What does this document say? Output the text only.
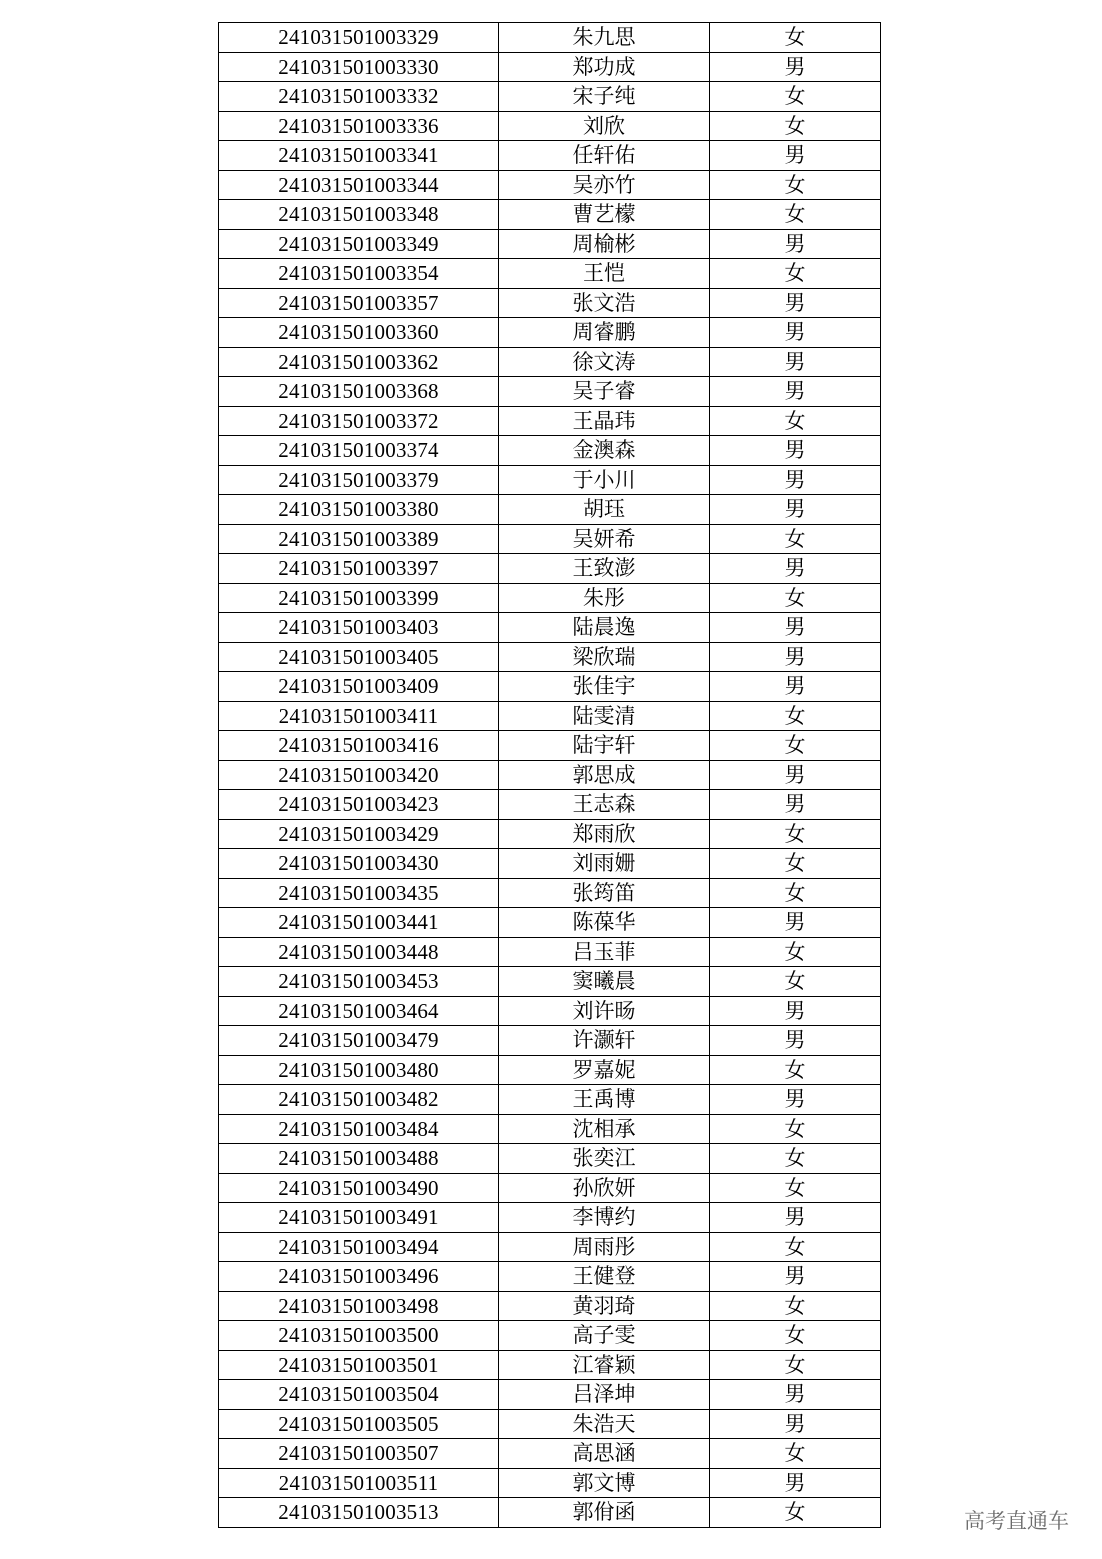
241031501003329	朱九思	女
241031501003330	郑功成	男
241031501003332	宋子纯	女
241031501003336	刘欣	女
241031501003341	任轩佑	男
241031501003344	吴亦竹	女
241031501003348	曹艺檬	女
241031501003349	周榆彬	男
241031501003354	王恺	女
241031501003357	张文浩	男
241031501003360	周睿鹏	男
241031501003362	徐文涛	男
241031501003368	吴子睿	男
241031501003372	王晶玮	女
241031501003374	金澳森	男
241031501003379	于小川	男
241031501003380	胡珏	男
241031501003389	吴妍希	女
241031501003397	王致澎	男
241031501003399	朱彤	女
241031501003403	陆晨逸	男
241031501003405	梁欣瑞	男
241031501003409	张佳宇	男
241031501003411	陆雯清	女
241031501003416	陆宇轩	女
241031501003420	郭思成	男
241031501003423	王志森	男
241031501003429	郑雨欣	女
241031501003430	刘雨姗	女
241031501003435	张筠笛	女
241031501003441	陈葆华	男
241031501003448	吕玉菲	女
241031501003453	窦曦晨	女
241031501003464	刘许旸	男
241031501003479	许灏轩	男
241031501003480	罗嘉妮	女
241031501003482	王禹博	男
241031501003484	沈相承	女
241031501003488	张奕江	女
241031501003490	孙欣妍	女
241031501003491	李博约	男
241031501003494	周雨彤	女
241031501003496	王健登	男
241031501003498	黄羽琦	女
241031501003500	高子雯	女
241031501003501	江睿颖	女
241031501003504	吕泽坤	男
241031501003505	朱浩天	男
241031501003507	高思涵	女
241031501003511	郭文博	男
241031501003513	郭佾函	女	高考直通车
